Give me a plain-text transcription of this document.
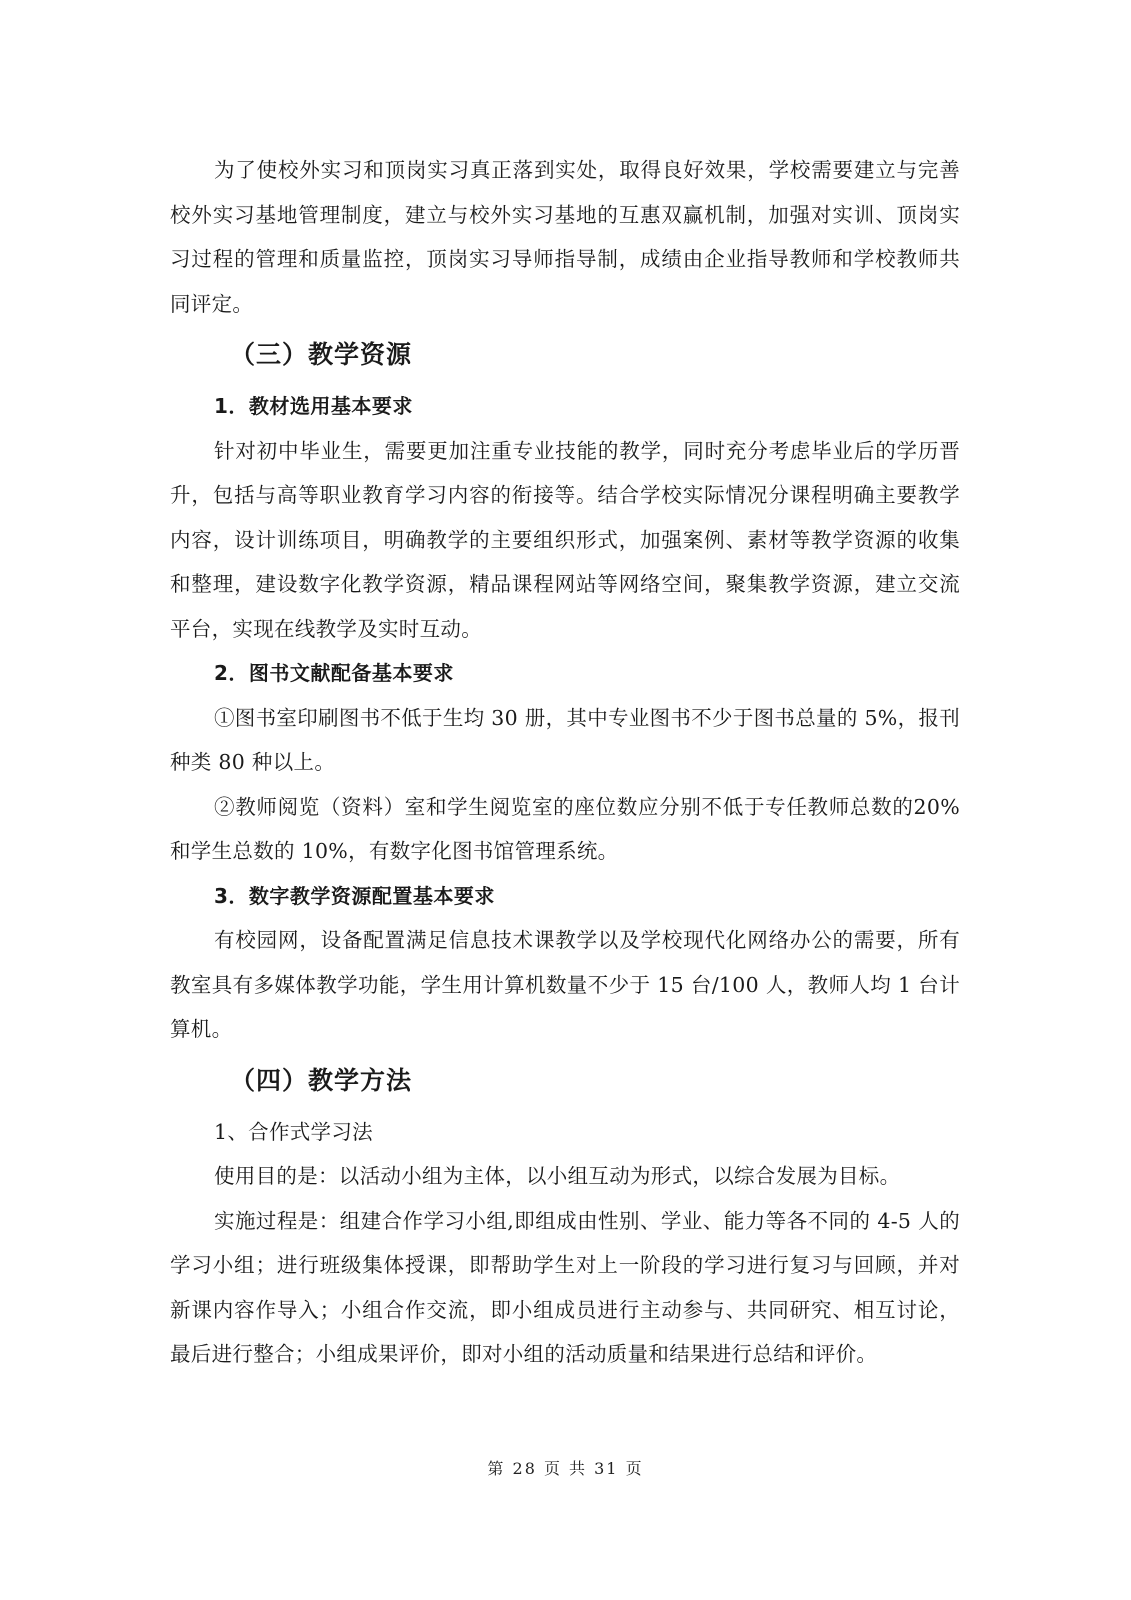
为了使校外实习和顶岗实习真正落到实处，取得良好效果，学校需要建立与完善校外实习基地管理制度，建立与校外实习基地的互惠双赢机制，加强对实训、顶岗实习过程的管理和质量监控，顶岗实习导师指导制，成绩由企业指导教师和学校教师共同评定。

（三）教学资源
1．教材选用基本要求

针对初中毕业生，需要更加注重专业技能的教学，同时充分考虑毕业后的学历晋升，包括与高等职业教育学习内容的衔接等。结合学校实际情况分课程明确主要教学内容，设计训练项目，明确教学的主要组织形式，加强案例、素材等教学资源的收集和整理，建设数字化教学资源，精品课程网站等网络空间，聚集教学资源，建立交流平台，实现在线教学及实时互动。

2．图书文献配备基本要求

①图书室印刷图书不低于生均 30 册，其中专业图书不少于图书总量的 5%，报刊种类 80 种以上。

②教师阅览（资料）室和学生阅览室的座位数应分别不低于专任教师总数的20%和学生总数的 10%，有数字化图书馆管理系统。

3．数字教学资源配置基本要求

有校园网，设备配置满足信息技术课教学以及学校现代化网络办公的需要，所有教室具有多媒体教学功能，学生用计算机数量不少于 15 台/100 人，教师人均 1 台计算机。

（四）教学方法

1、合作式学习法

使用目的是：以活动小组为主体，以小组互动为形式，以综合发展为目标。

实施过程是：组建合作学习小组,即组成由性别、学业、能力等各不同的 4-5 人的学习小组；进行班级集体授课，即帮助学生对上一阶段的学习进行复习与回顾，并对新课内容作导入；小组合作交流，即小组成员进行主动参与、共同研究、相互讨论，最后进行整合；小组成果评价，即对小组的活动质量和结果进行总结和评价。

第 28 页 共 31 页
